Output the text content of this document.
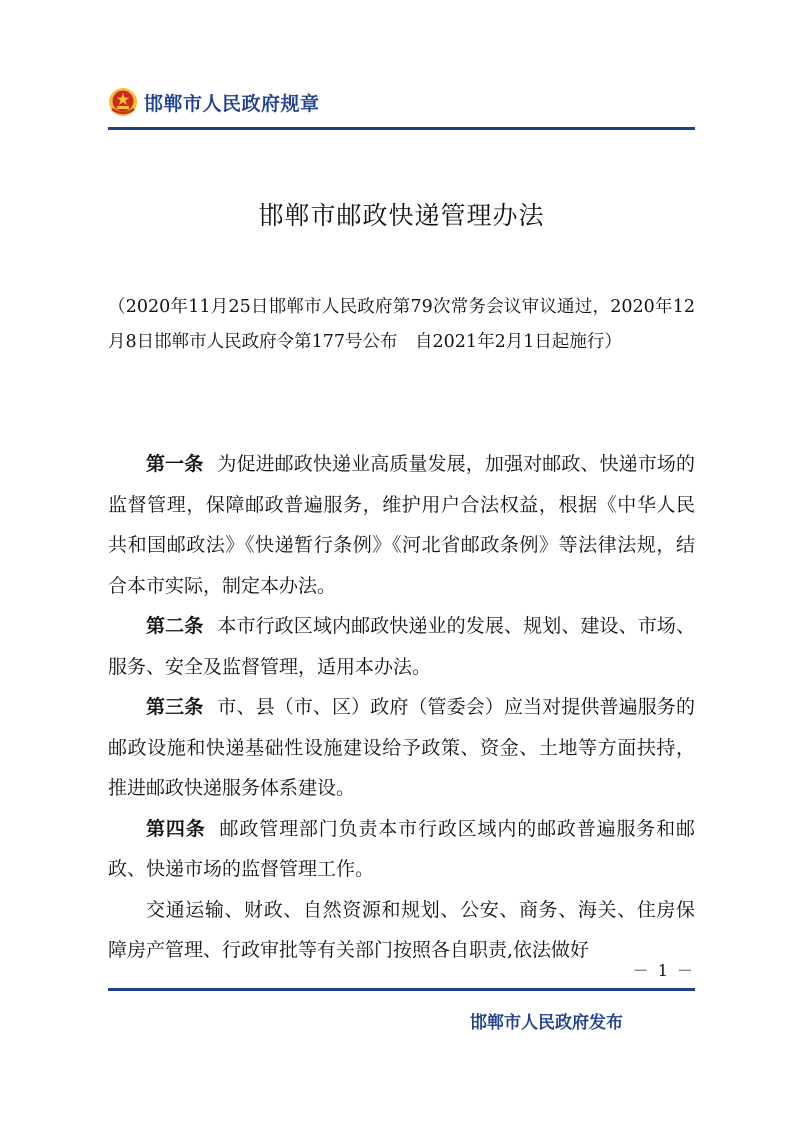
邯郸市人民政府规章
邯郸市邮政快递管理办法
（2020年11月25日邯郸市人民政府第79次常务会议审议通过，2020年12月8日邯郸市人民政府令第177号公布　自2021年2月1日起施行）

第一条 为促进邮政快递业高质量发展，加强对邮政、快递市场的监督管理，保障邮政普遍服务，维护用户合法权益，根据《中华人民共和国邮政法》《快递暂行条例》《河北省邮政条例》等法律法规，结合本市实际，制定本办法。

第二条 本市行政区域内邮政快递业的发展、规划、建设、市场、服务、安全及监督管理，适用本办法。

第三条 市、县（市、区）政府（管委会）应当对提供普遍服务的邮政设施和快递基础性设施建设给予政策、资金、土地等方面扶持，推进邮政快递服务体系建设。

第四条 邮政管理部门负责本市行政区域内的邮政普遍服务和邮政、快递市场的监督管理工作。

交通运输、财政、自然资源和规划、公安、商务、海关、住房保障房产管理、行政审批等有关部门按照各自职责,依法做好

－ 1 －
邯郸市人民政府发布
